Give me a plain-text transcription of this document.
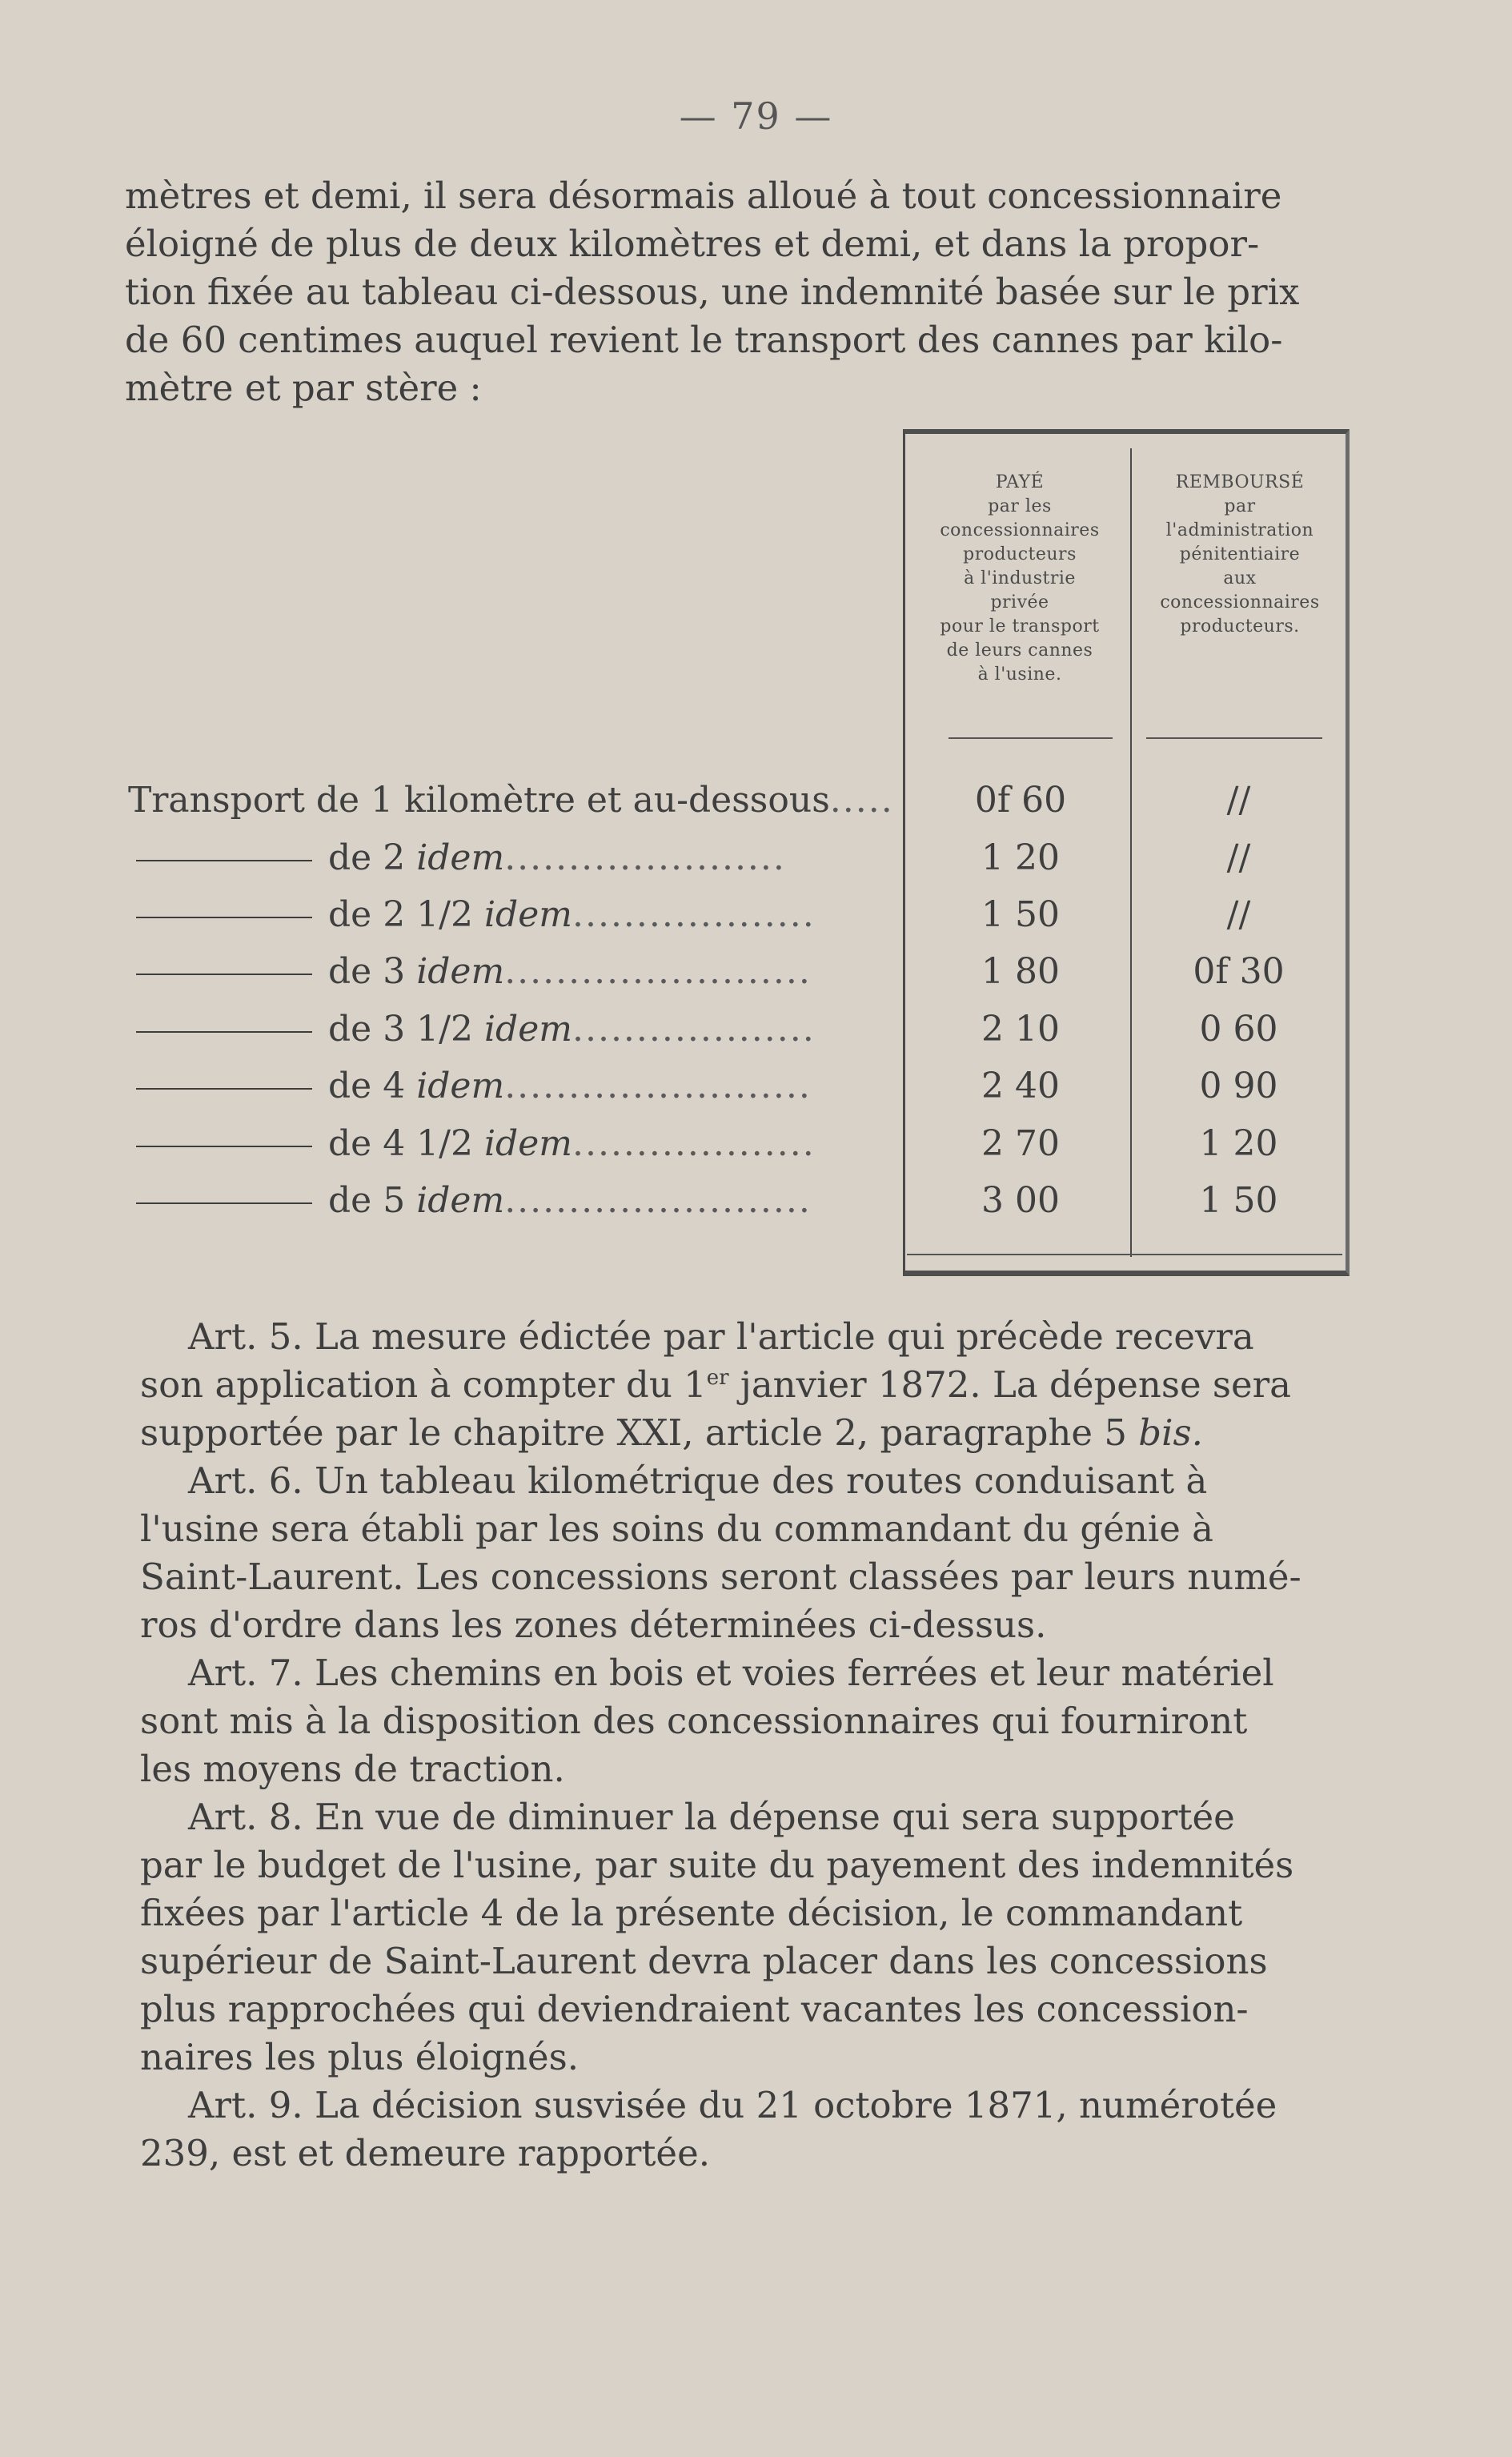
— 79 —
mètres et demi, il sera désormais alloué à tout concessionnaire
éloigné de plus de deux kilomètres et demi, et dans la propor-
tion fixée au tableau ci-dessous, une indemnité basée sur le prix
de 60 centimes auquel revient le transport des cannes par kilo-
mètre et par stère :
PAYÉ
par les
concessionnaires
producteurs
à l'industrie
privée
pour le transport
de leurs cannes
à l'usine.
REMBOURSÉ
par
l'administration
pénitentiaire
aux
concessionnaires
producteurs.
Transport de 1 kilomètre et au-dessous.....	0f 60	//
de 2 idem......................	1 20	//
de 2 1/2 idem...................	1 50	//
de 3 idem........................	1 80	0f 30
de 3 1/2 idem...................	2 10	0 60
de 4 idem........................	2 40	0 90
de 4 1/2 idem...................	2 70	1 20
de 5 idem........................	3 00	1 50
Art. 5. La mesure édictée par l'article qui précède recevra
son application à compter du 1er janvier 1872. La dépense sera
supportée par le chapitre XXI, article 2, paragraphe 5 bis.
Art. 6. Un tableau kilométrique des routes conduisant à
l'usine sera établi par les soins du commandant du génie à
Saint-Laurent. Les concessions seront classées par leurs numé-
ros d'ordre dans les zones déterminées ci-dessus.
Art. 7. Les chemins en bois et voies ferrées et leur matériel
sont mis à la disposition des concessionnaires qui fourniront
les moyens de traction.
Art. 8. En vue de diminuer la dépense qui sera supportée
par le budget de l'usine, par suite du payement des indemnités
fixées par l'article 4 de la présente décision, le commandant
supérieur de Saint-Laurent devra placer dans les concessions
plus rapprochées qui deviendraient vacantes les concession-
naires les plus éloignés.
Art. 9. La décision susvisée du 21 octobre 1871, numérotée
239, est et demeure rapportée.
